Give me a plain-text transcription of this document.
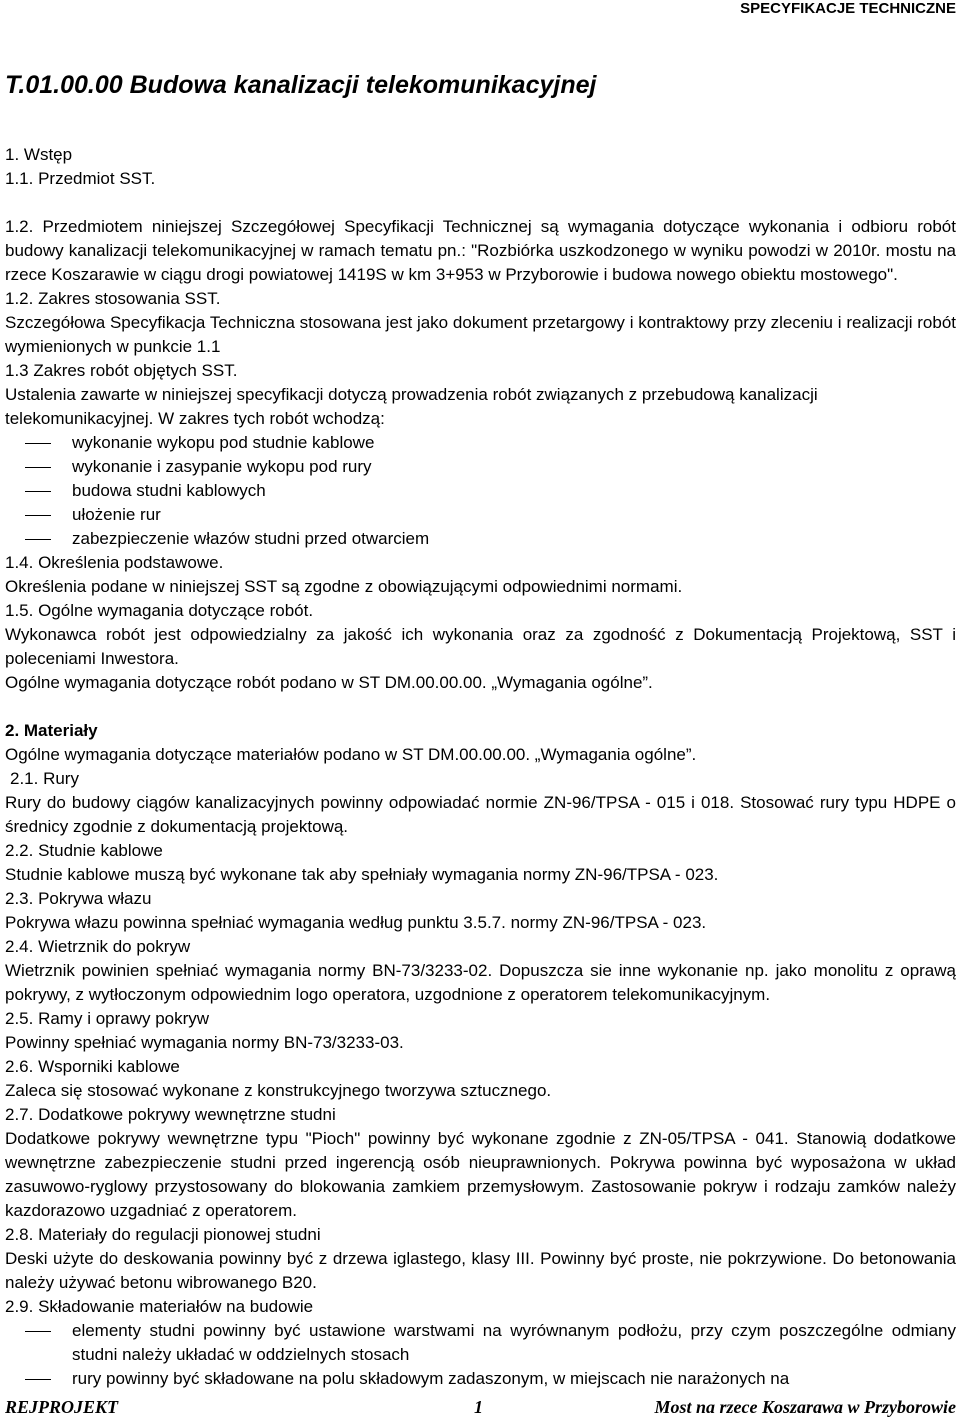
SPECYFIKACJE TECHNICZNE
T.01.00.00 Budowa kanalizacji telekomunikacyjnej

1. Wstęp

1.1. Przedmiot SST.

1.2. Przedmiotem niniejszej Szczegółowej Specyfikacji Technicznej są wymagania dotyczące wykonania i odbioru robót budowy kanalizacji telekomunikacyjnej w ramach tematu pn.: "Rozbiórka uszkodzonego w wyniku powodzi w 2010r. mostu na rzece Koszarawie w ciągu drogi powiatowej 1419S w km 3+953 w Przyborowie i budowa nowego obiektu mostowego".

1.2. Zakres stosowania SST.

Szczegółowa Specyfikacja Techniczna stosowana jest jako dokument przetargowy i kontraktowy przy zleceniu i realizacji robót wymienionych w punkcie 1.1

1.3 Zakres robót objętych SST.

Ustalenia zawarte w niniejszej specyfikacji dotyczą prowadzenia robót związanych z przebudową kanalizacji telekomunikacyjnej. W zakres tych robót wchodzą:

wykonanie wykopu pod studnie kablowe
wykonanie i zasypanie wykopu pod rury
budowa studni kablowych
ułożenie rur
zabezpieczenie włazów studni przed otwarciem

1.4. Określenia podstawowe.

Określenia podane w niniejszej SST są zgodne z obowiązującymi odpowiednimi normami.

1.5. Ogólne wymagania dotyczące robót.

Wykonawca robót jest odpowiedzialny za jakość ich wykonania oraz za zgodność z Dokumentacją Projektową, SST i poleceniami Inwestora.

Ogólne wymagania dotyczące robót podano w ST DM.00.00.00. „Wymagania ogólne”.

2. Materiały

Ogólne wymagania dotyczące materiałów podano w ST DM.00.00.00. „Wymagania ogólne”.

2.1. Rury

Rury do budowy ciągów kanalizacyjnych powinny odpowiadać normie ZN-96/TPSA - 015 i 018. Stosować rury typu HDPE o średnicy zgodnie z dokumentacją projektową.

2.2. Studnie kablowe

Studnie kablowe muszą być wykonane tak aby spełniały wymagania normy ZN-96/TPSA - 023.

2.3. Pokrywa włazu

Pokrywa włazu powinna spełniać wymagania według punktu 3.5.7. normy ZN-96/TPSA - 023.

2.4. Wietrznik do pokryw

Wietrznik powinien spełniać wymagania normy BN-73/3233-02. Dopuszcza sie inne wykonanie np. jako monolitu z oprawą pokrywy, z wytłoczonym odpowiednim logo operatora, uzgodnione z operatorem telekomunikacyjnym.

2.5. Ramy i oprawy pokryw

Powinny spełniać wymagania normy BN-73/3233-03.

2.6. Wsporniki kablowe

Zaleca się stosować wykonane z konstrukcyjnego tworzywa sztucznego.

2.7. Dodatkowe pokrywy wewnętrzne studni

Dodatkowe pokrywy wewnętrzne typu "Pioch" powinny być wykonane zgodnie z ZN-05/TPSA - 041. Stanowią dodatkowe wewnętrzne zabezpieczenie studni przed ingerencją osób nieuprawnionych. Pokrywa powinna być wyposażona w układ zasuwowo-ryglowy przystosowany do blokowania zamkiem przemysłowym. Zastosowanie pokryw i rodzaju zamków należy kazdorazowo uzgadniać z operatorem.

2.8. Materiały do regulacji pionowej studni

Deski użyte do deskowania powinny być z drzewa iglastego, klasy III. Powinny być proste, nie pokrzywione. Do betonowania należy używać betonu wibrowanego B20.

2.9. Składowanie materiałów na budowie

elementy studni powinny być ustawione warstwami na wyrównanym podłożu, przy czym poszczególne odmiany studni należy układać w oddzielnych stosach
rury powinny być składowane na polu składowym zadaszonym, w miejscach nie narażonych na
REJPROJEKT	1	Most na rzece Koszarawa w Przyborowie
